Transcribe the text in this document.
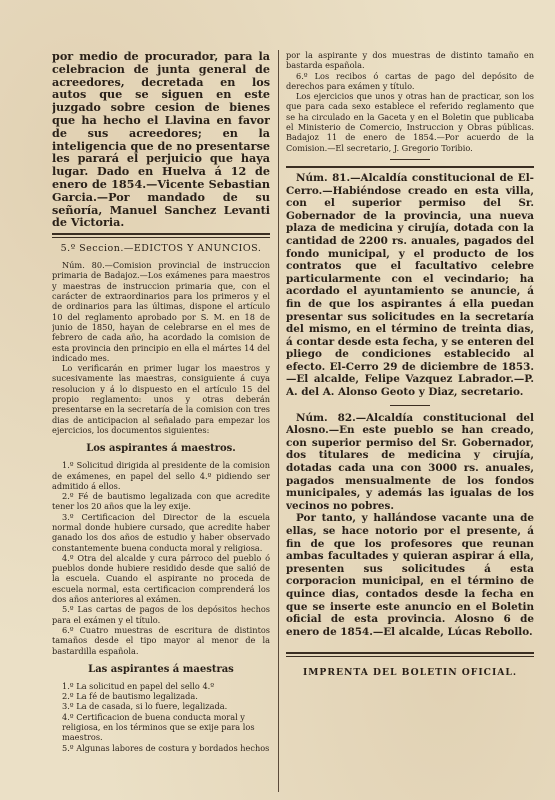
por medio de procurador, para la celebracion de junta general de acreedores, decretada en los autos que se siguen en este juzgado sobre cesion de bienes que ha hecho el Llavina en favor de sus acreedores; en la inteligencia que de no presentarse les parará el perjuicio que haya lugar. Dado en Huelva á 12 de enero de 1854.—Vicente Sebastian Garcia.—Por mandado de su señoría, Manuel Sanchez Levanti de Victoria.

5.º Seccion.—EDICTOS Y ANUNCIOS.

Núm. 80.—Comision provincial de instruccion primaria de Badajoz.—Los exámenes para maestros y maestras de instruccion primaria que, con el carácter de extraordinarios para los primeros y el de ordinarios para las últimas, dispone el artículo 10 del reglamento aprobado por S. M. en 18 de junio de 1850, hayan de celebrarse en el mes de febrero de cada año, ha acordado la comision de esta provincia den principio en ella el mártes 14 del indicado mes.

Lo verificarán en primer lugar los maestros y sucesivamente las maestras, consiguiente á cuya resolucion y á lo dispuesto en el artículo 15 del propio reglamento: unos y otras deberán presentarse en la secretaría de la comision con tres dias de anticipacion al señalado para empezar los ejercicios, los documentos siguientes:

Los aspirantes á maestros.

1.º Solicitud dirigida al presidente de la comision de exámenes, en papel del sello 4.º pidiendo ser admitido á ellos.

2.º Fé de bautismo legalizada con que acredite tener los 20 años que la ley exije.

3.º Certificacion del Director de la escuela normal donde hubiere cursado, que acredite haber ganado los dos años de estudio y haber observado constantemente buena conducta moral y religiosa.

4.º Otra del alcalde y cura párroco del pueblo ó pueblos donde hubiere residido desde que salió de la escuela. Cuando el aspirante no proceda de escuela normal, esta certificacion comprenderá los dos años anteriores al exámen.

5.º Las cartas de pagos de los depósitos hechos para el exámen y el título.

6.º Cuatro muestras de escritura de distintos tamaños desde el tipo mayor al menor de la bastardilla española.

Las aspirantes á maestras

1.º La solicitud en papel del sello 4.º

2.º La fé de bautismo legalizada.

3.º La de casada, si lo fuere, legalizada.

4.º Certificacion de buena conducta moral y religiosa, en los términos que se exije para los maestros.

5.º Algunas labores de costura y bordados hechos

por la aspirante y dos muestras de distinto tamaño en bastarda española.

6.º Los recibos ó cartas de pago del depósito de derechos para exámen y título.

Los ejercicios que unos y otras han de practicar, son los que para cada sexo establece el referido reglamento que se ha circulado en la Gaceta y en el Boletin que publicaba el Ministerio de Comercio, Instruccion y Obras públicas. Badajoz 11 de enero de 1854.—Por acuerdo de la Comision.—El secretario, J. Gregorio Toribio.

Núm. 81.—Alcaldía constitucional de El-Cerro.—Habiéndose creado en esta villa, con el superior permiso del Sr. Gobernador de la provincia, una nueva plaza de medicina y cirujía, dotada con la cantidad de 2200 rs. anuales, pagados del fondo municipal, y el producto de los contratos que el facultativo celebre particularmente con el vecindario; ha acordado el ayuntamiento se anuncie, á fin de que los aspirantes á ella puedan presentar sus solicitudes en la secretaría del mismo, en el término de treinta dias, á contar desde esta fecha, y se enteren del pliego de condiciones establecido al efecto. El-Cerro 29 de diciembre de 1853.—El alcalde, Felipe Vazquez Labrador.—P. A. del A. Alonso Geoto y Diaz, secretario.

Núm. 82.—Alcaldía constitucional del Alosno.—En este pueblo se han creado, con superior permiso del Sr. Gobernador, dos titulares de medicina y cirujía, dotadas cada una con 3000 rs. anuales, pagados mensualmente de los fondos municipales, y además las igualas de los vecinos no pobres.

Por tanto, y hallándose vacante una de ellas, se hace notorio por el presente, á fin de que los profesores que reunan ambas facultades y quieran aspirar á ella, presenten sus solicitudes á esta corporacion municipal, en el término de quince dias, contados desde la fecha en que se inserte este anuncio en el Boletin oficial de esta provincia. Alosno 6 de enero de 1854.—El alcalde, Lúcas Rebollo.

IMPRENTA DEL BOLETIN OFICIAL.
